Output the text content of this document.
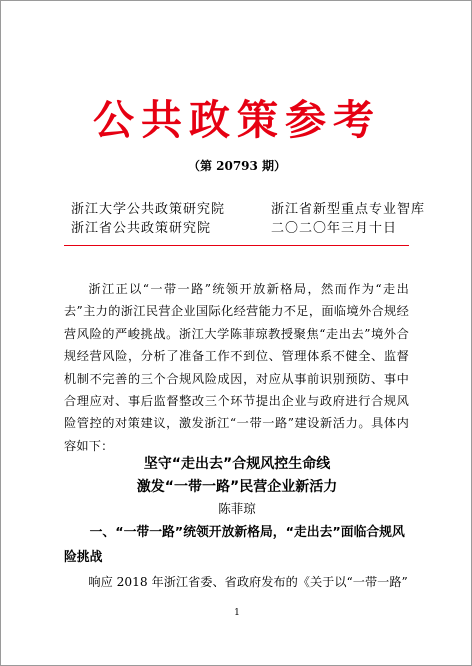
公共政策参考
（第 20793 期）
浙江大学公共政策研究院	浙江省新型重点专业智库
浙江省公共政策研究院	二〇二〇年三月十日

浙江正以“一带一路”统领开放新格局，然而作为“走出去”主力的浙江民营企业国际化经营能力不足，面临境外合规经营风险的严峻挑战。浙江大学陈菲琼教授聚焦“走出去”境外合规经营风险，分析了准备工作不到位、管理体系不健全、监督机制不完善的三个合规风险成因，对应从事前识别预防、事中合理应对、事后监督整改三个环节提出企业与政府进行合规风险管控的对策建议，激发浙江“一带一路”建设新活力。具体内容如下：

坚守“走出去”合规风控生命线
激发“一带一路”民营企业新活力
陈菲琼

一、“一带一路”统领开放新格局，“走出去”面临合规风险挑战

响应 2018 年浙江省委、省政府发布的《关于以“一带一路”
1
